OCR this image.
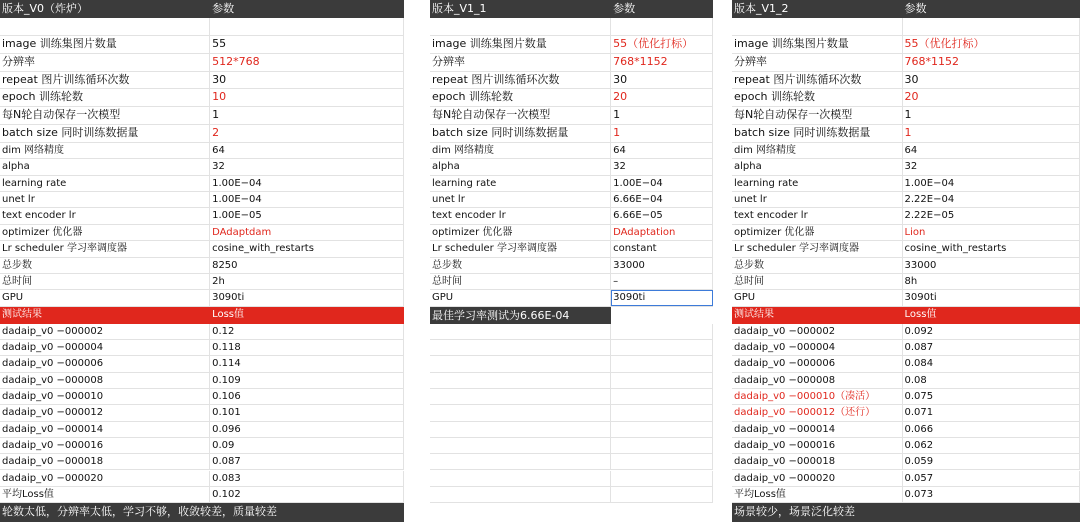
版本_V0（炸炉）	参数
image 训练集图片数量	55
分辨率	512*768
repeat 图片训练循环次数	30
epoch 训练轮数	10
每N轮自动保存一次模型	1
batch size 同时训练数据量	2
dim 网络精度	64
alpha	32
learning rate	1.00E−04
unet lr	1.00E−04
text encoder lr	1.00E−05
optimizer 优化器	DAdaptdam
Lr scheduler 学习率调度器	cosine_with_restarts
总步数	8250
总时间	2h
GPU	3090ti
测试结果	Loss值
dadaip_v0 −000002	0.12
dadaip_v0 −000004	0.118
dadaip_v0 −000006	0.114
dadaip_v0 −000008	0.109
dadaip_v0 −000010	0.106
dadaip_v0 −000012	0.101
dadaip_v0 −000014	0.096
dadaip_v0 −000016	0.09
dadaip_v0 −000018	0.087
dadaip_v0 −000020	0.083
平均Loss值	0.102
轮数太低，分辨率太低，学习不够，收敛较差，质量较差
版本_V1_1	参数
image 训练集图片数量	55（优化打标）
分辨率	768*1152
repeat 图片训练循环次数	30
epoch 训练轮数	20
每N轮自动保存一次模型	1
batch size 同时训练数据量	1
dim 网络精度	64
alpha	32
learning rate	1.00E−04
unet lr	6.66E−04
text encoder lr	6.66E−05
optimizer 优化器	DAdaptation
Lr scheduler 学习率调度器	constant
总步数	33000
总时间	–
GPU	3090ti
最佳学习率测试为6.66E-04
版本_V1_2	参数
image 训练集图片数量	55（优化打标）
分辨率	768*1152
repeat 图片训练循环次数	30
epoch 训练轮数	20
每N轮自动保存一次模型	1
batch size 同时训练数据量	1
dim 网络精度	64
alpha	32
learning rate	1.00E−04
unet lr	2.22E−04
text encoder lr	2.22E−05
optimizer 优化器	Lion
Lr scheduler 学习率调度器	cosine_with_restarts
总步数	33000
总时间	8h
GPU	3090ti
测试结果	Loss值
dadaip_v0 −000002	0.092
dadaip_v0 −000004	0.087
dadaip_v0 −000006	0.084
dadaip_v0 −000008	0.08
dadaip_v0 −000010（凑活）	0.075
dadaip_v0 −000012（还行）	0.071
dadaip_v0 −000014	0.066
dadaip_v0 −000016	0.062
dadaip_v0 −000018	0.059
dadaip_v0 −000020	0.057
平均Loss值	0.073
场景较少，场景泛化较差
